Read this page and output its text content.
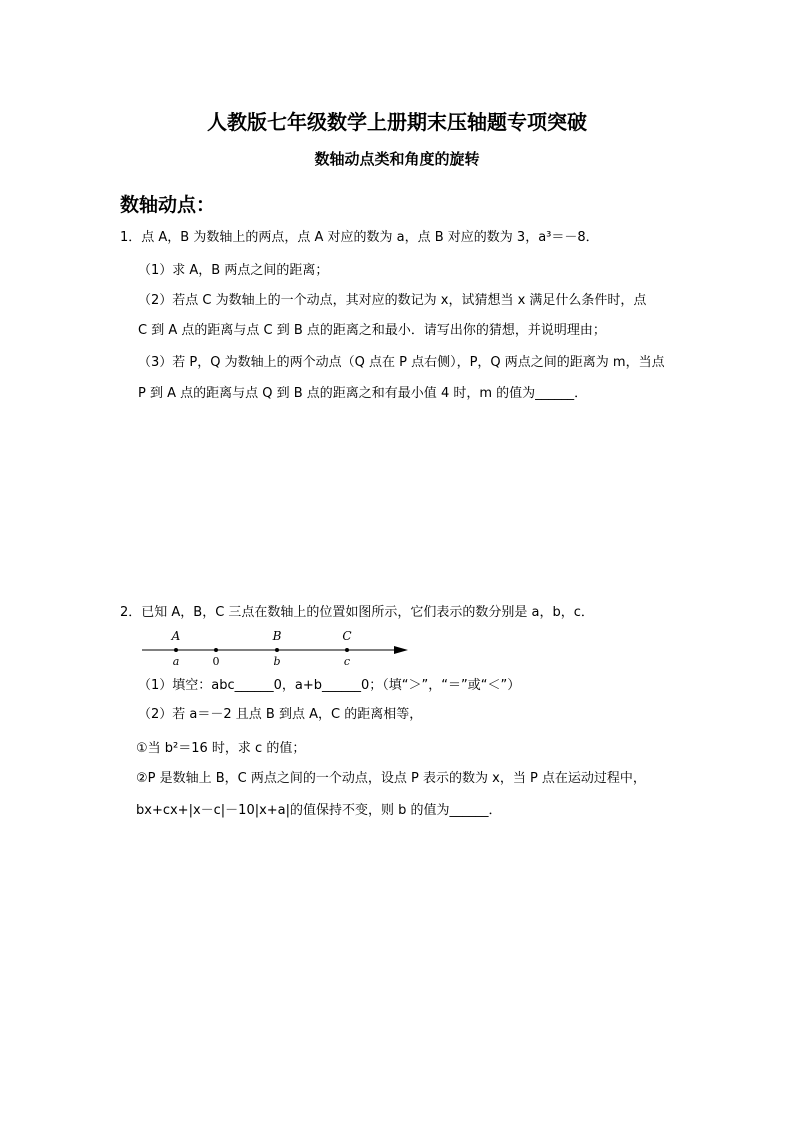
人教版七年级数学上册期末压轴题专项突破
数轴动点类和角度的旋转
数轴动点：
1．点 A，B 为数轴上的两点，点 A 对应的数为 a，点 B 对应的数为 3，a³＝－8．
（1）求 A，B 两点之间的距离；
（2）若点 C 为数轴上的一个动点，其对应的数记为 x，试猜想当 x 满足什么条件时，点
C 到 A 点的距离与点 C 到 B 点的距离之和最小．请写出你的猜想，并说明理由；
（3）若 P，Q 为数轴上的两个动点（Q 点在 P 点右侧），P，Q 两点之间的距离为 m，当点
P 到 A 点的距离与点 Q 到 B 点的距离之和有最小值 4 时，m 的值为______．
2．已知 A，B，C 三点在数轴上的位置如图所示，它们表示的数分别是 a，b，c．
A
a	0
B
b
C
c
（1）填空：abc______0，a+b______0；（填“＞”，“＝”或“＜”）
（2）若 a＝－2 且点 B 到点 A，C 的距离相等，
①当 b²＝16 时，求 c 的值；
②P 是数轴上 B，C 两点之间的一个动点，设点 P 表示的数为 x，当 P 点在运动过程中，
bx+cx+|x－c|－10|x+a|的值保持不变，则 b 的值为______．
